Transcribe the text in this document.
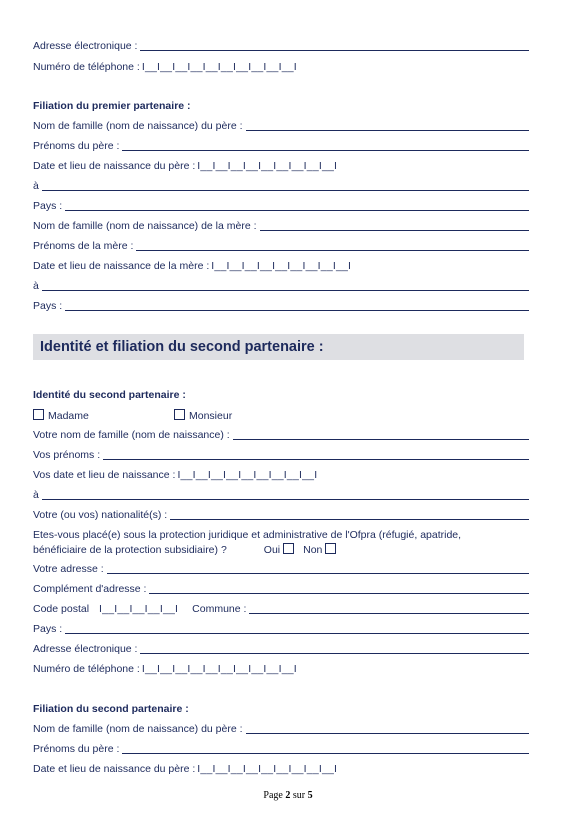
Adresse électronique :
Numéro de téléphone : I__I__I__I__I__I__I__I__I__I__I
Filiation du premier partenaire :
Nom de famille (nom de naissance) du père :
Prénoms du père :
Date et lieu de naissance du père : I__I__I__I__I__I__I__I__I__I
à
Pays :
Nom de famille (nom de naissance) de la mère :
Prénoms de la mère :
Date et lieu de naissance de la mère : I__I__I__I__I__I__I__I__I__I
à
Pays :
Identité et filiation du second partenaire :
Identité du second partenaire :
Madame	Monsieur
Votre nom de famille (nom de naissance) :
Vos prénoms :
Vos date et lieu de naissance : I__I__I__I__I__I__I__I__I__I
à
Votre (ou vos) nationalité(s) :
Etes-vous placé(e) sous la protection juridique et administrative de l'Ofpra (réfugié, apatride,
bénéficiaire de la protection subsidiaire) ?	Oui	Non
Votre adresse :
Complément d'adresse :
Code postal I__I__I__I__I__I Commune :
Pays :
Adresse électronique :
Numéro de téléphone : I__I__I__I__I__I__I__I__I__I__I
Filiation du second partenaire :
Nom de famille (nom de naissance) du père :
Prénoms du père :
Date et lieu de naissance du père : I__I__I__I__I__I__I__I__I__I
Page 2 sur 5
